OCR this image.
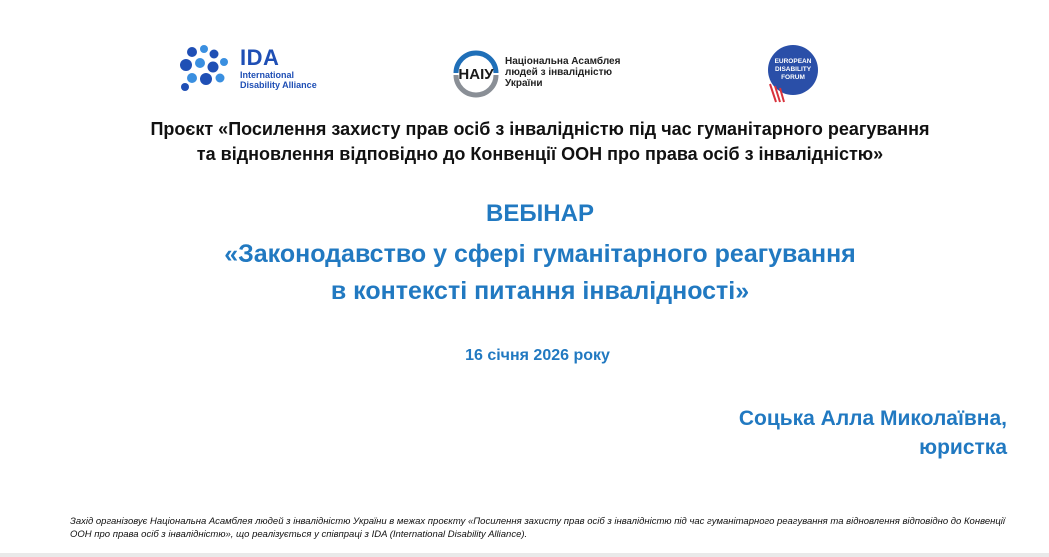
IDA
International
Disability Alliance
НАІУ
Національна Асамблея
людей з інвалідністю
України
EUROPEAN
DISABILITY
FORUM
Проєкт «Посилення захисту прав осіб з інвалідністю під час гуманітарного реагування
та відновлення відповідно до Конвенції ООН про права осіб з інвалідністю»
ВЕБІНАР
«Законодавство у сфері гуманітарного реагування
в контексті питання інвалідності»
16 січня 2026 року
Соцька Алла Миколаївна,
юристка
Захід організовує Національна Асамблея людей з інвалідністю України в межах проєкту «Посилення захисту прав осіб з інвалідністю під час гуманітарного реагування та відновлення відповідно до Конвенції ООН про права осіб з інвалідністю», що реалізується у співпраці з IDA (International Disability Alliance).
